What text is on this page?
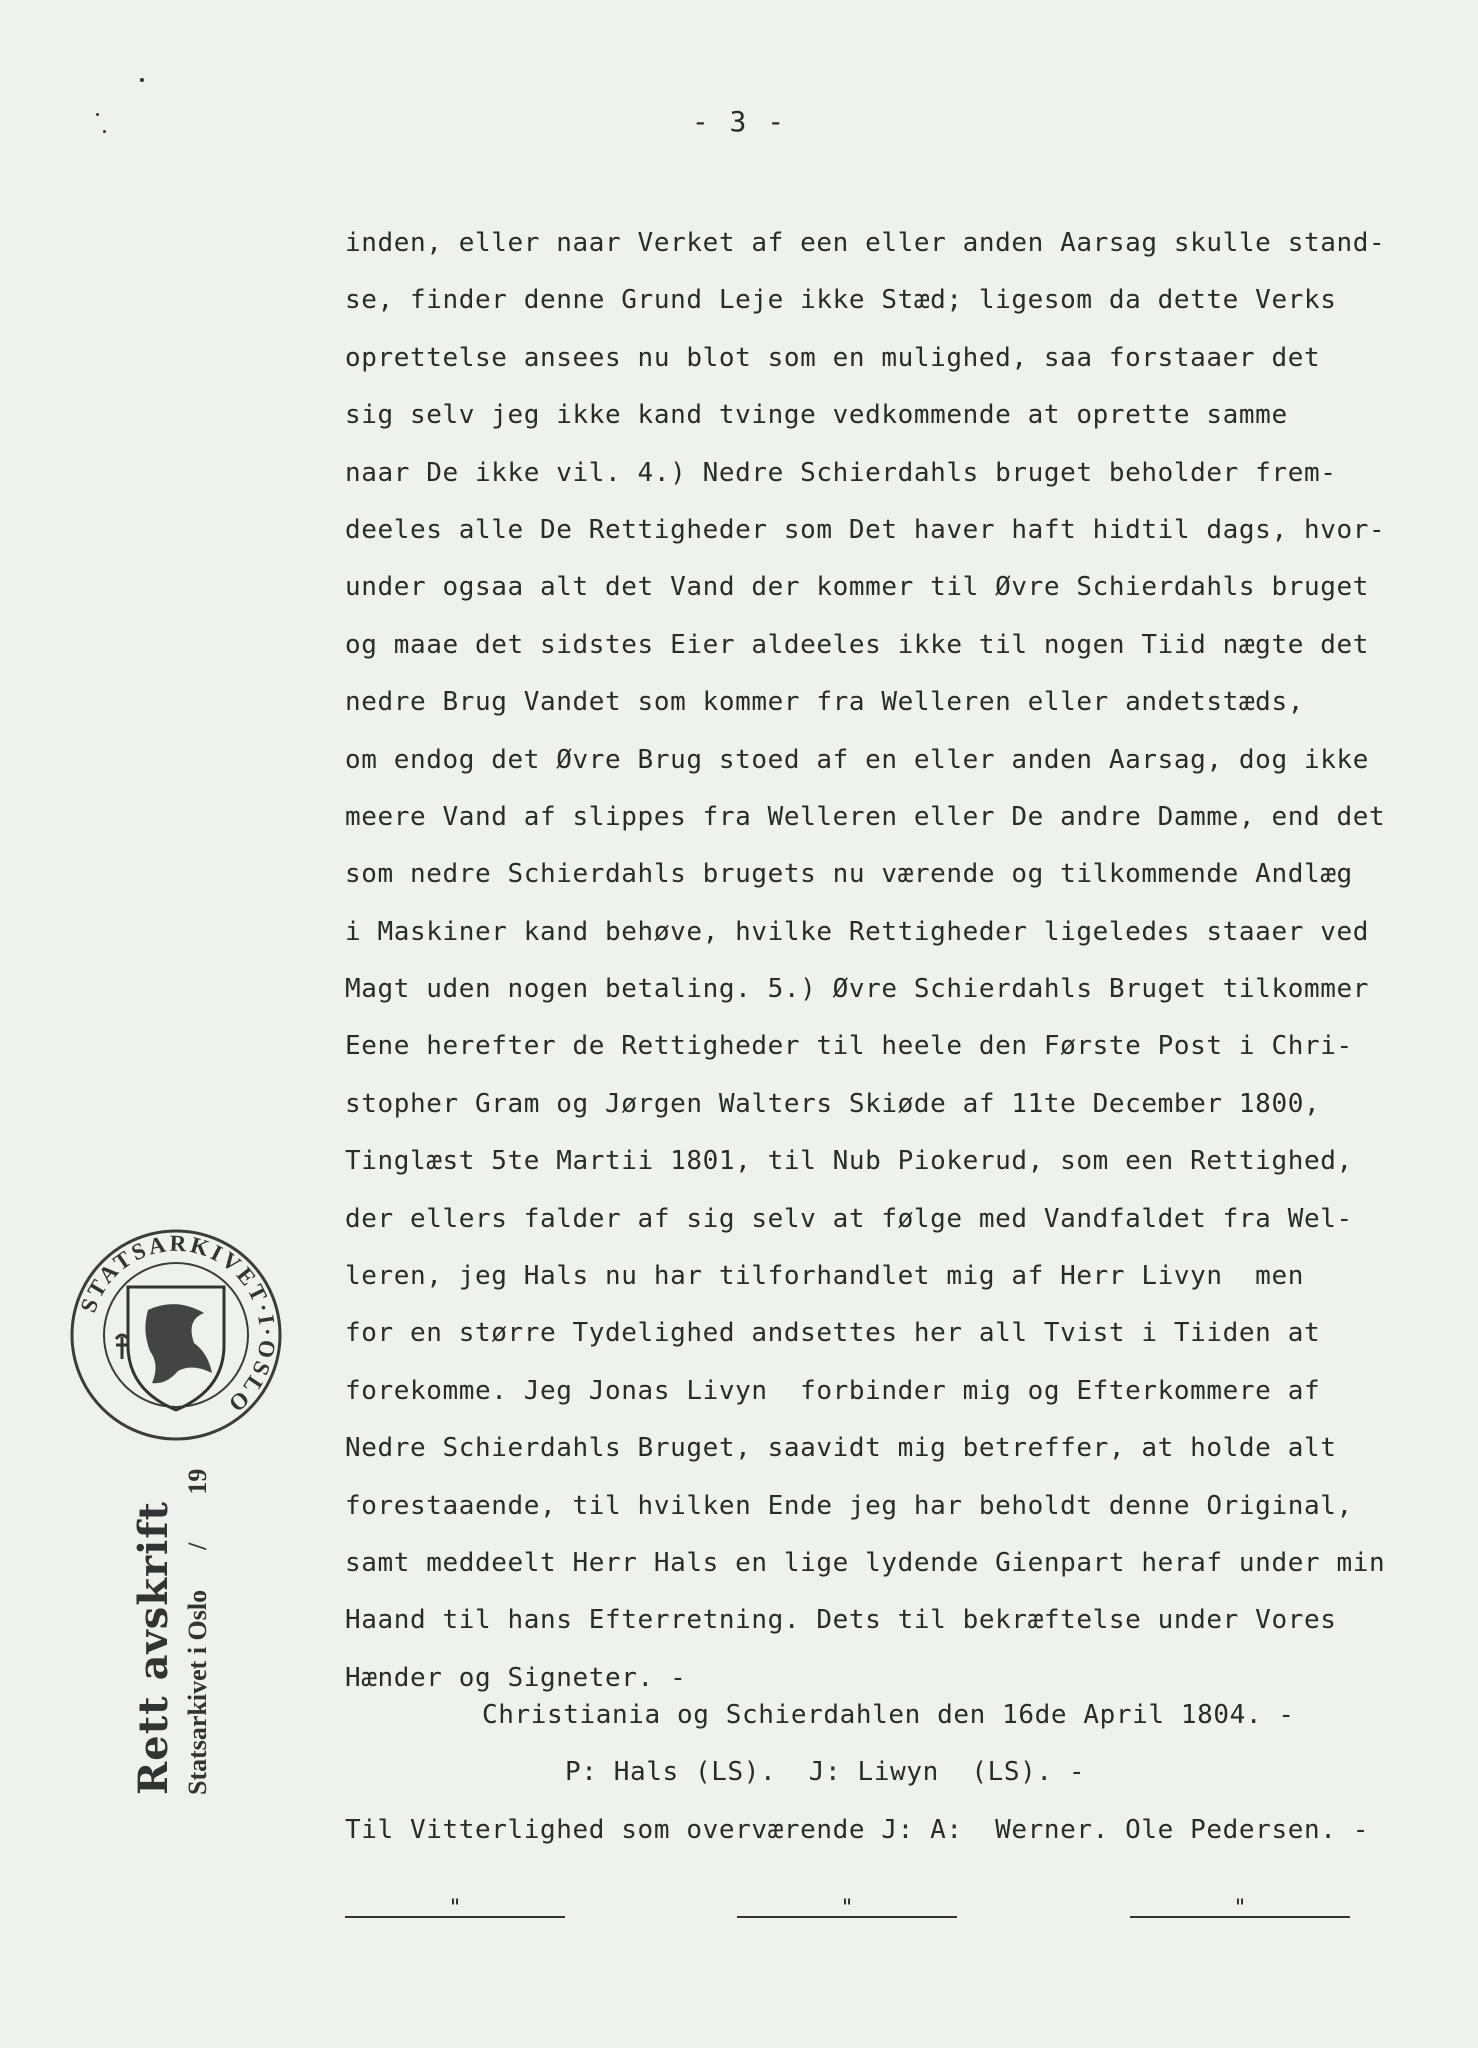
- 3 -
inden, eller naar Verket af een eller anden Aarsag skulle stand-
se, finder denne Grund Leje ikke Stæd; ligesom da dette Verks
oprettelse ansees nu blot som en mulighed, saa forstaaer det
sig selv jeg ikke kand tvinge vedkommende at oprette samme
naar De ikke vil. 4.) Nedre Schierdahls bruget beholder frem-
deeles alle De Rettigheder som Det haver haft hidtil dags, hvor-
under ogsaa alt det Vand der kommer til Øvre Schierdahls bruget
og maae det sidstes Eier aldeeles ikke til nogen Tiid nægte det
nedre Brug Vandet som kommer fra Welleren eller andetstæds,
om endog det Øvre Brug stoed af en eller anden Aarsag, dog ikke
meere Vand af slippes fra Welleren eller De andre Damme, end det
som nedre Schierdahls brugets nu værende og tilkommende Andlæg
i Maskiner kand behøve, hvilke Rettigheder ligeledes staaer ved
Magt uden nogen betaling. 5.) Øvre Schierdahls Bruget tilkommer
Eene herefter de Rettigheder til heele den Første Post i Chri-
stopher Gram og Jørgen Walters Skiøde af 11te December 1800,
Tinglæst 5te Martii 1801, til Nub Piokerud, som een Rettighed,
der ellers falder af sig selv at følge med Vandfaldet fra Wel-
leren, jeg Hals nu har tilforhandlet mig af Herr Livyn  men
for en større Tydelighed andsettes her all Tvist i Tiiden at
forekomme. Jeg Jonas Livyn  forbinder mig og Efterkommere af
Nedre Schierdahls Bruget, saavidt mig betreffer, at holde alt
forestaaende, til hvilken Ende jeg har beholdt denne Original,
samt meddeelt Herr Hals en lige lydende Gienpart heraf under min
Haand til hans Efterretning. Dets til bekræftelse under Vores
Hænder og Signeter. -
Christiania og Schierdahlen den 16de April 1804. -
P: Hals (LS).  J: Liwyn  (LS). -
Til Vitterlighed som overværende J: A:  Werner. Ole Pedersen. -
"	"	"
STATSARKIVET·I·OSLO
Rett avskrift Statsarkivet i Oslo/19
